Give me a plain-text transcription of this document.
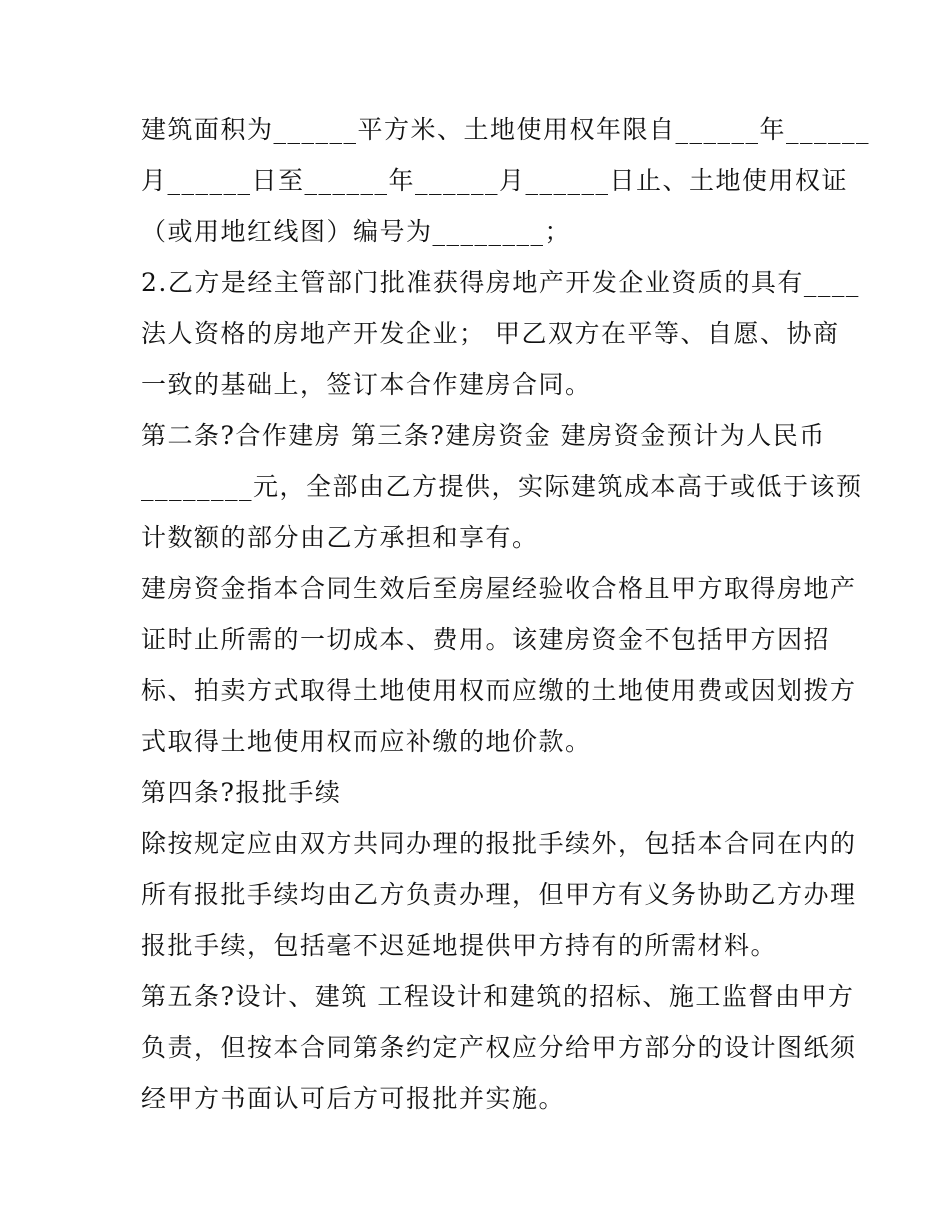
建筑面积为______平方米、土地使用权年限自______年______
月______日至______年______月______日止、土地使用权证
（或用地红线图）编号为________；
2.乙方是经主管部门批准获得房地产开发企业资质的具有____
法人资格的房地产开发企业； 甲乙双方在平等、自愿、协商
一致的基础上，签订本合作建房合同。
第二条?合作建房 第三条?建房资金 建房资金预计为人民币
________元，全部由乙方提供，实际建筑成本高于或低于该预
计数额的部分由乙方承担和享有。
建房资金指本合同生效后至房屋经验收合格且甲方取得房地产
证时止所需的一切成本、费用。该建房资金不包括甲方因招
标、拍卖方式取得土地使用权而应缴的土地使用费或因划拨方
式取得土地使用权而应补缴的地价款。
第四条?报批手续
除按规定应由双方共同办理的报批手续外，包括本合同在内的
所有报批手续均由乙方负责办理，但甲方有义务协助乙方办理
报批手续，包括毫不迟延地提供甲方持有的所需材料。
第五条?设计、建筑 工程设计和建筑的招标、施工监督由甲方
负责，但按本合同第条约定产权应分给甲方部分的设计图纸须
经甲方书面认可后方可报批并实施。
